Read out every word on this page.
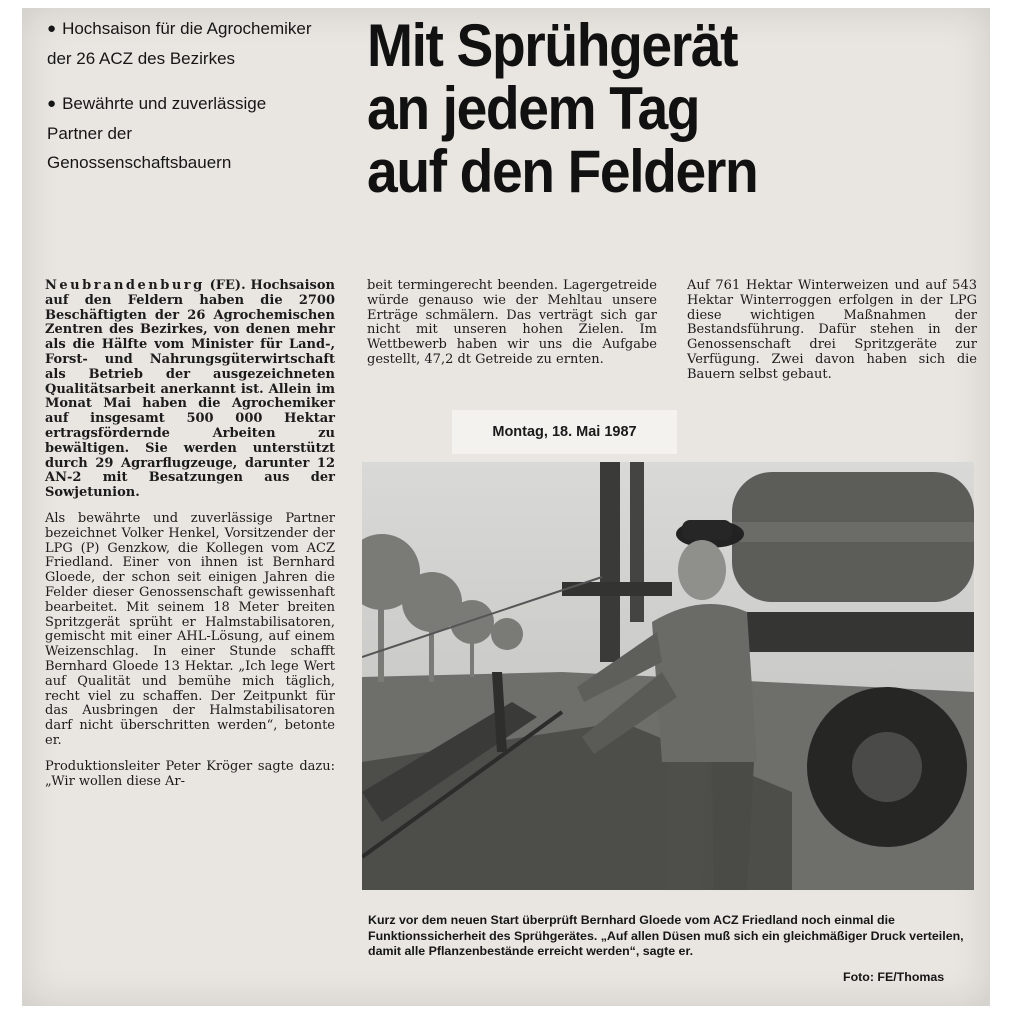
● Hochsaison für die Agrochemiker der 26 ACZ des Bezirkes
● Bewährte und zuverlässige Partner der Genossenschaftsbauern
Mit Sprühgerät
an jedem Tag
auf den Feldern

Neubrandenburg (FE). Hochsaison auf den Feldern haben die 2700 Beschäftigten der 26 Agrochemischen Zentren des Bezirkes, von denen mehr als die Hälfte vom Minister für Land-, Forst- und Nahrungsgüterwirtschaft als Betrieb der ausgezeichneten Qualitätsarbeit anerkannt ist. Allein im Monat Mai haben die Agrochemiker auf insgesamt 500 000 Hektar ertragsfördernde Arbeiten zu bewältigen. Sie werden unterstützt durch 29 Agrarflugzeuge, darunter 12 AN-2 mit Besatzungen aus der Sowjetunion.

Als bewährte und zuverlässige Partner bezeichnet Volker Henkel, Vorsitzender der LPG (P) Genzkow, die Kollegen vom ACZ Friedland. Einer von ihnen ist Bernhard Gloede, der schon seit einigen Jahren die Felder dieser Genossenschaft gewissenhaft bearbeitet. Mit seinem 18 Meter breiten Spritzgerät sprüht er Halmstabilisatoren, gemischt mit einer AHL-Lösung, auf einem Weizenschlag. In einer Stunde schafft Bernhard Gloede 13 Hektar. „Ich lege Wert auf Qualität und bemühe mich täglich, recht viel zu schaffen. Der Zeitpunkt für das Ausbringen der Halmstabilisatoren darf nicht überschritten werden“, betonte er.

Produktionsleiter Peter Kröger sagte dazu: „Wir wollen diese Ar-

beit termingerecht beenden. Lagergetreide würde genauso wie der Mehltau unsere Erträge schmälern. Das verträgt sich gar nicht mit unseren hohen Zielen. Im Wettbewerb haben wir uns die Aufgabe gestellt, 47,2 dt Getreide zu ernten.

Auf 761 Hektar Winterweizen und auf 543 Hektar Winterroggen erfolgen in der LPG diese wichtigen Maßnahmen der Bestandsführung. Dafür stehen in der Genossenschaft drei Spritzgeräte zur Verfügung. Zwei davon haben sich die Bauern selbst gebaut.

Montag, 18. Mai 1987
Kurz vor dem neuen Start überprüft Bernhard Gloede vom ACZ Friedland noch einmal die Funktionssicherheit des Sprühgerätes. „Auf allen Düsen muß sich ein gleichmäßiger Druck verteilen, damit alle Pflanzenbestände erreicht werden“, sagte er.
Foto: FE/Thomas
